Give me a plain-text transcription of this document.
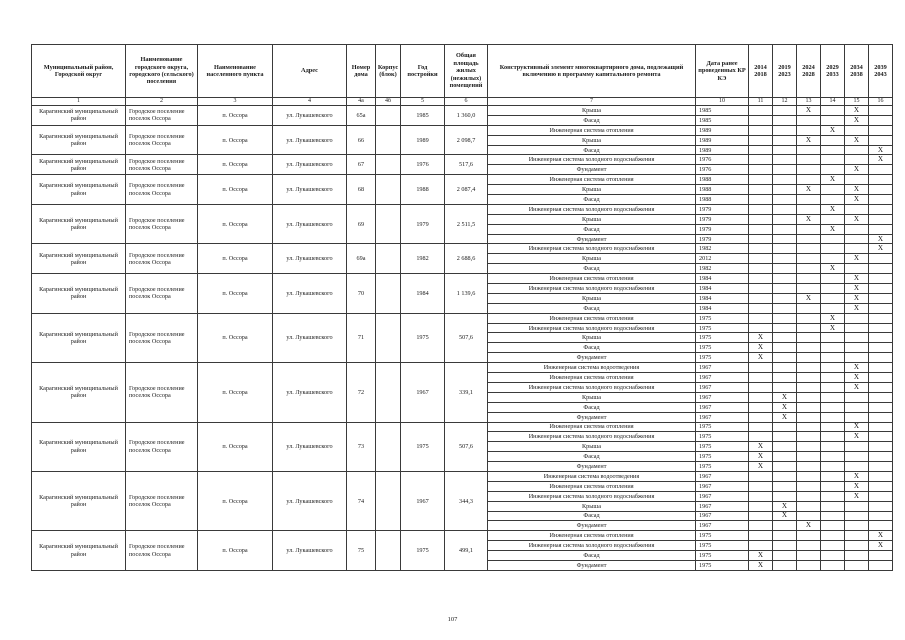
Муниципальный район, Городской округ	Наименование городского округа, городского (сельского) поселения	Наименование населенного пункта	Адрес	Номер дома	Корпус (блок)	Год постройки	Общая площадь жилых (нежилых) помещений	Конструктивный элемент многоквартирного дома, подлежащий включению в программу капитального ремонта	Дата ранее проведенных КР КЭ	2014 2018	2019 2023	2024 2028	2029 2033	2034 2038	2039 2043
1	2	3	4	4а	4б	5	6	7	10	11	12	13	14	15	16
Карагинский муниципальный район	Городское поселение поселок Оссора	п. Оссора	ул. Лукашевского	65а		1985	1 360,0	Крыша	1985			X		X	
								Фасад	1985					X	
Карагинский муниципальный район	Городское поселение поселок Оссора	п. Оссора	ул. Лукашевского	66		1989	2 098,7	Инженерная система отопления	1989				X		
								Крыша	1989			X		X	
								Фасад	1989						X
Карагинский муниципальный район	Городское поселение поселок Оссора	п. Оссора	ул. Лукашевского	67		1976	517,6	Инженерная система холодного водоснабжения	1976						X
								Фундамент	1976					X	
Карагинский муниципальный район	Городское поселение поселок Оссора	п. Оссора	ул. Лукашевского	68		1988	2 087,4	Инженерная система отопления	1988				X		
								Крыша	1988			X		X	
								Фасад	1988					X	
Карагинский муниципальный район	Городское поселение поселок Оссора	п. Оссора	ул. Лукашевского	69		1979	2 511,5	Инженерная система холодного водоснабжения	1979				X		
								Крыша	1979			X		X	
								Фасад	1979				X		
								Фундамент	1979						X
Карагинский муниципальный район	Городское поселение поселок Оссора	п. Оссора	ул. Лукашевского	69а		1982	2 688,6	Инженерная система холодного водоснабжения	1982						X
								Крыша	2012					X	
								Фасад	1982				X		
Карагинский муниципальный район	Городское поселение поселок Оссора	п. Оссора	ул. Лукашевского	70		1984	1 139,6	Инженерная система отопления	1984					X	
								Инженерная система холодного водоснабжения	1984					X	
								Крыша	1984			X		X	
								Фасад	1984					X	
Карагинский муниципальный район	Городское поселение поселок Оссора	п. Оссора	ул. Лукашевского	71		1975	507,6	Инженерная система отопления	1975				X		
								Инженерная система холодного водоснабжения	1975				X		
								Крыша	1975	X					
								Фасад	1975	X					
								Фундамент	1975	X					
Карагинский муниципальный район	Городское поселение поселок Оссора	п. Оссора	ул. Лукашевского	72		1967	339,1	Инженерная система водоотведения	1967					X	
								Инженерная система отопления	1967					X	
								Инженерная система холодного водоснабжения	1967					X	
								Крыша	1967		X				
								Фасад	1967		X				
								Фундамент	1967		X				
Карагинский муниципальный район	Городское поселение поселок Оссора	п. Оссора	ул. Лукашевского	73		1975	507,6	Инженерная система отопления	1975					X	
								Инженерная система холодного водоснабжения	1975					X	
								Крыша	1975	X					
								Фасад	1975	X					
								Фундамент	1975	X					
Карагинский муниципальный район	Городское поселение поселок Оссора	п. Оссора	ул. Лукашевского	74		1967	344,3	Инженерная система водоотведения	1967					X	
								Инженерная система отопления	1967					X	
								Инженерная система холодного водоснабжения	1967					X	
								Крыша	1967		X				
								Фасад	1967		X				
								Фундамент	1967			X			
Карагинский муниципальный район	Городское поселение поселок Оссора	п. Оссора	ул. Лукашевского	75		1975	499,1	Инженерная система отопления	1975						X
								Инженерная система холодного водоснабжения	1975						X
								Фасад	1975	X					
								Фундамент	1975	X					
107
